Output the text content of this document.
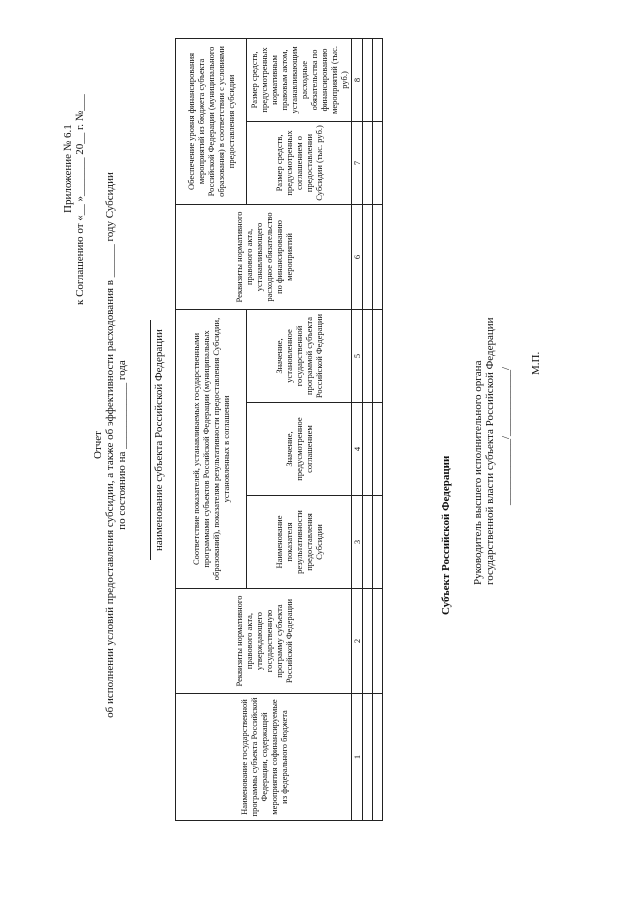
Приложение № 6.1 к Соглашению от «__ »_______ 20__ г. №___
Отчет об исполнении условий предоставления субсидии, а также об эффективности расходования в ______ году Субсидии по состоянию на ____________ года наименование субъекта Российской Федерации
Наименование государственной программы субъекта Российской Федерации, содержащей мероприятия софинансируемые из федерального бюджета	Реквизиты нормативного правового акта, утверждающего государственную программу субъекта Российской Федерации	Соответствие показателей, устанавливаемых государственными программами субъектов Российской Федерации (муниципальных образований), показателям результативности предоставления Субсидии, установленных в соглашении			Реквизиты нормативного правового акта, устанавливающего расходное обязательство по финансированию мероприятий	Обеспечение уровня финансирования мероприятий из бюджета субъекта Российской Федерации (муниципального образования) в соответствии с условиями предоставления субсидии	
		Наименование показателя результативности предоставления Субсидии	Значение, предусмотренное соглашением	Значение, установленное государственной программой субъекта Российской Федерации		Размер средств, предусмотренных соглашением о предоставлении Субсидии (тыс. руб.)	Размер средств, предусмотренных нормативным правовым актом, устанавливающим расходные обязательства по финансированию мероприятий (тыс. руб.)
1	2	3	4	5	6	7	8

Субъект Российской Федерации Руководитель высшего исполнительного органа государственной власти субъекта Российской Федерации ____________/____________/
М.П.
